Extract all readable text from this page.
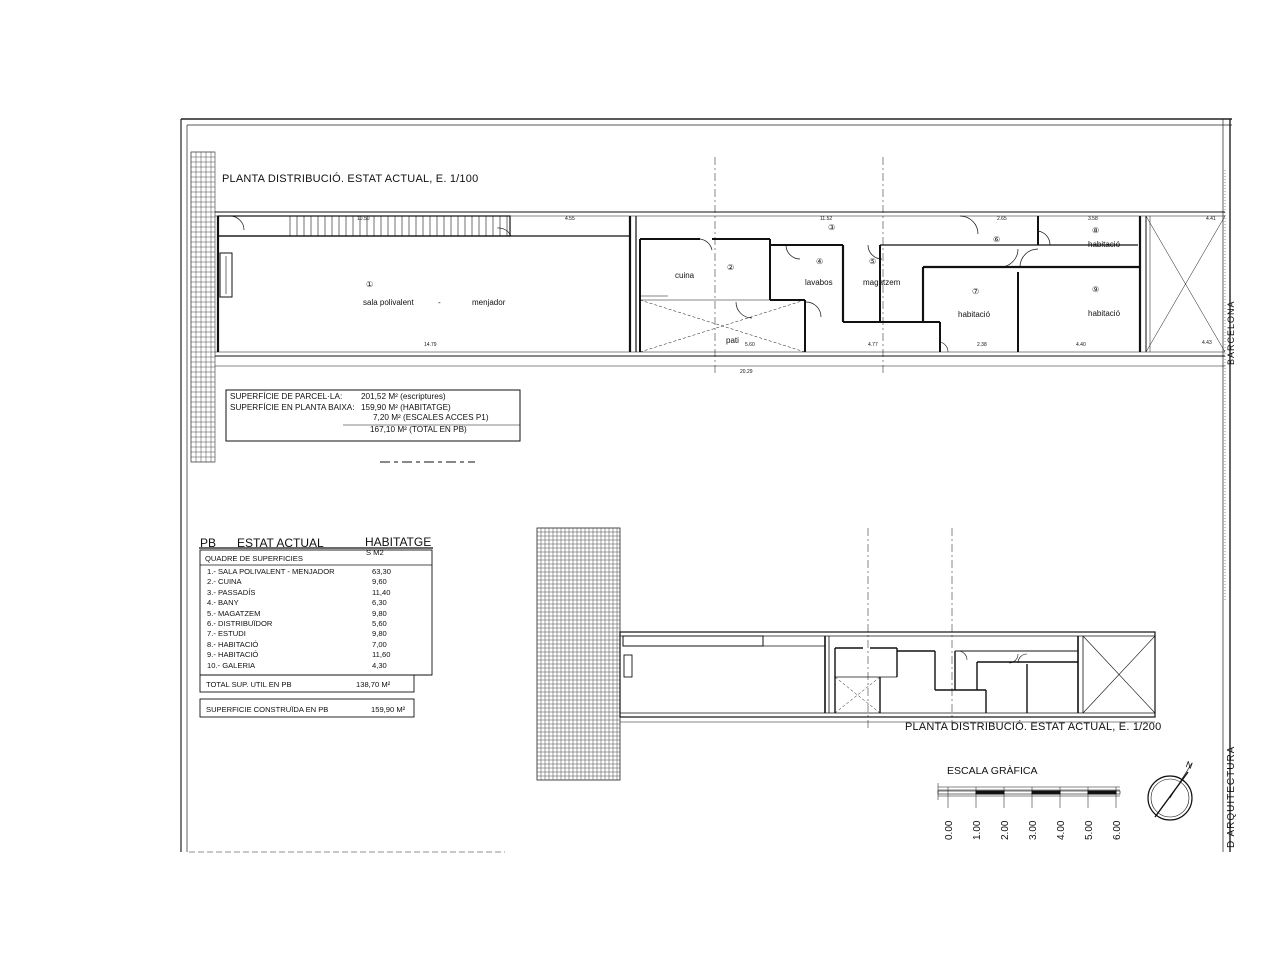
PLANTA DISTRIBUCIÓ. ESTAT ACTUAL, E. 1/100
①
sala polivalent	-	menjador
②
cuina
③
pati
④
lavabos
⑤
magatzem
⑥
⑦
habitació
⑧
habitació
⑨
habitació
10.50	4.55	11.52	2.65	3.58	4.41
14.79	5.60	4.77	2.38	4.40	4.43
20.29
SUPERFÍCIE DE PARCEL·LA: 201,52 M² (escriptures)
SUPERFÍCIE EN PLANTA BAIXA: 159,90 M² (HABITATGE)
7,20 M² (ESCALES ACCES P1)
167,10 M² (TOTAL EN PB)
PB ESTAT ACTUAL	HABITATGE
QUADRE DE SUPERFICIES
S M2
1.- SALA POLIVALENT - MENJADOR	63,30
2.- CUINA	9,60
3.- PASSADÍS	11,40
4.- BANY	6,30
5.- MAGATZEM	9,80
6.- DISTRIBUÏDOR	5,60
7.- ESTUDI	9,80
8.- HABITACIÓ	7,00
9.- HABITACIÓ	11,60
10.- GALERIA	4,30
TOTAL SUP. UTIL EN PB	138,70 M²
SUPERFICIE CONSTRUÏDA EN PB	159,90 M²
PLANTA DISTRIBUCIÓ. ESTAT ACTUAL, E. 1/200
ESCALA GRÀFICA
0.00 1.00 2.00 3.00 4.00 5.00 6.00
N	D ARQUITECTURA
BARCELONA
